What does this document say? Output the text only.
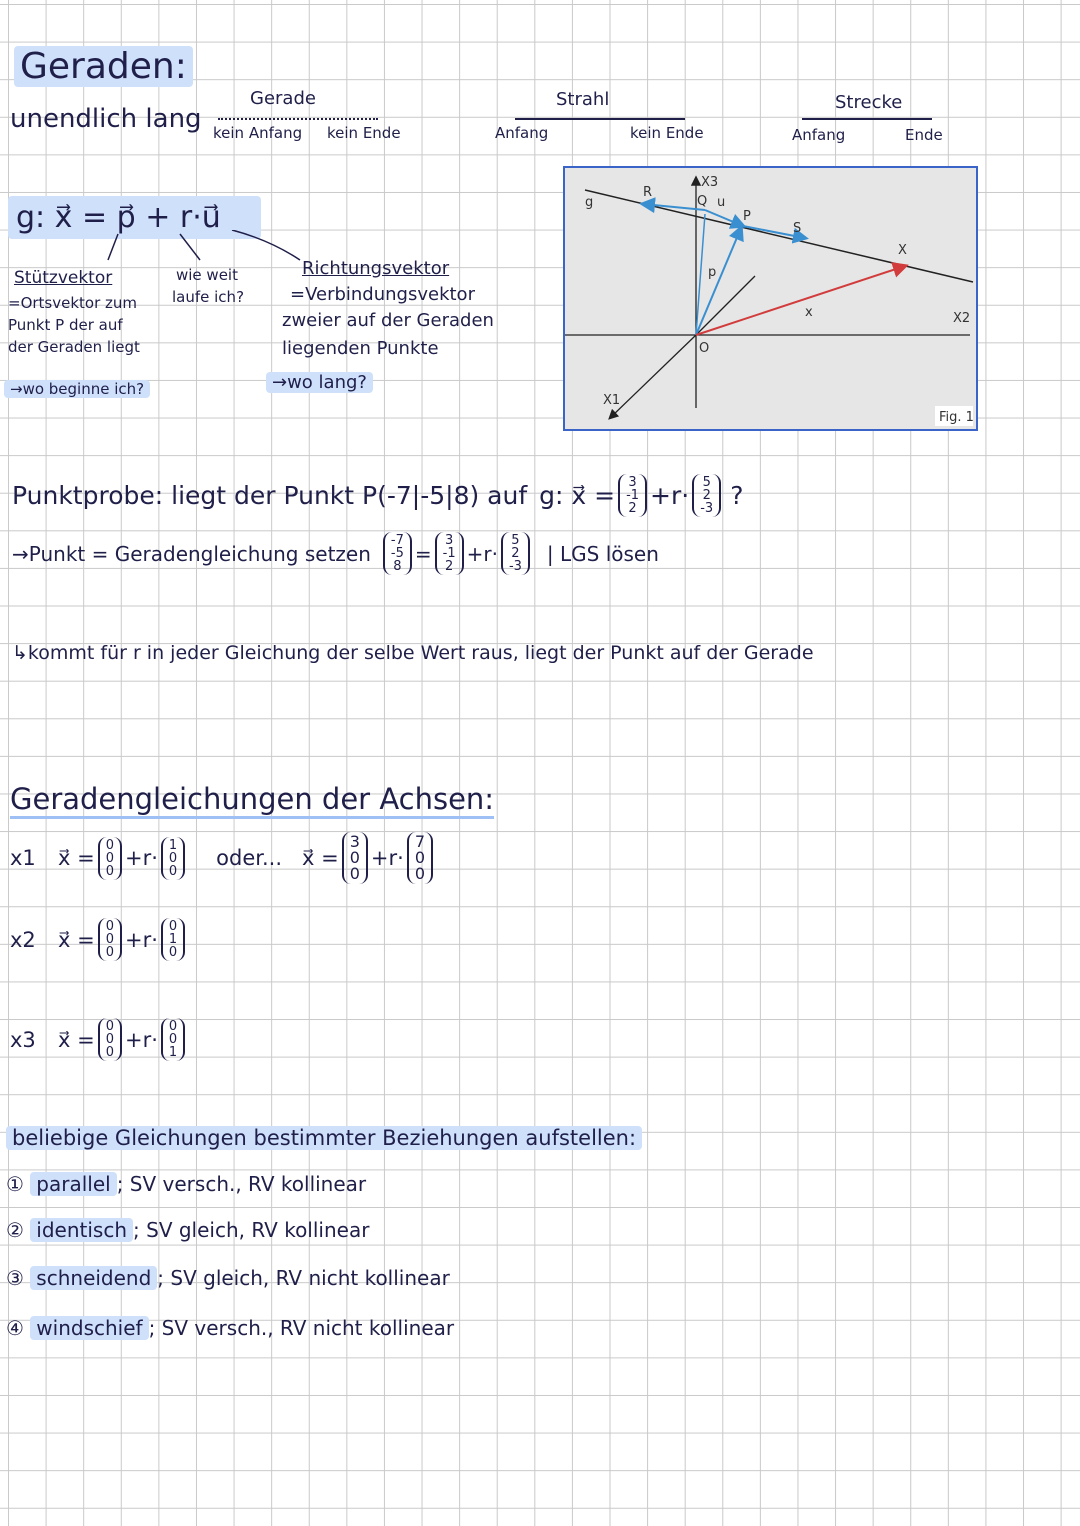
Geraden:
unendlich lang
Gerade
kein Anfang kein Ende
Strahl
Anfang	kein Ende
Strecke
Anfang	Ende
g: x⃗ = p⃗ + r·u⃗
Stützvektor
=Ortsvektor zum
Punkt P der auf
der Geraden liegt
→wo beginne ich?
wie weit
laufe ich?
Richtungsvektor
=Verbindungsvektor
zweier auf der Geraden
liegenden Punkte
→wo lang?
g
R
X3
Q u
P
S
X
p
x	X2
O
X1
Fig. 1
Punktprobe: liegt der Punkt P(-7|-5|8) auf g: x⃗ = 3
-1
2 +r· 5
2
-3 ?
→Punkt = Geradengleichung setzen
-7
-5
8
=
3
-1
2
+r·
5
2
-3
| LGS lösen
↳kommt für r in jeder Gleichung der selbe Wert raus, liegt der Punkt auf der Gerade
Geradengleichungen der Achsen:
x1	x⃗ =
0
0
0
+r·
1
0
0
oder... x⃗ =
3
0
0
+r·
7
0
0
x2	x⃗ =
0
0
0
+r·
0
1
0
x3	x⃗ =
0
0
0
+r·
0
0
1
beliebige Gleichungen bestimmter Beziehungen aufstellen:
① parallel ; SV versch., RV kollinear
② identisch ; SV gleich, RV kollinear
③ schneidend ; SV gleich, RV nicht kollinear
④ windschief ; SV versch., RV nicht kollinear
